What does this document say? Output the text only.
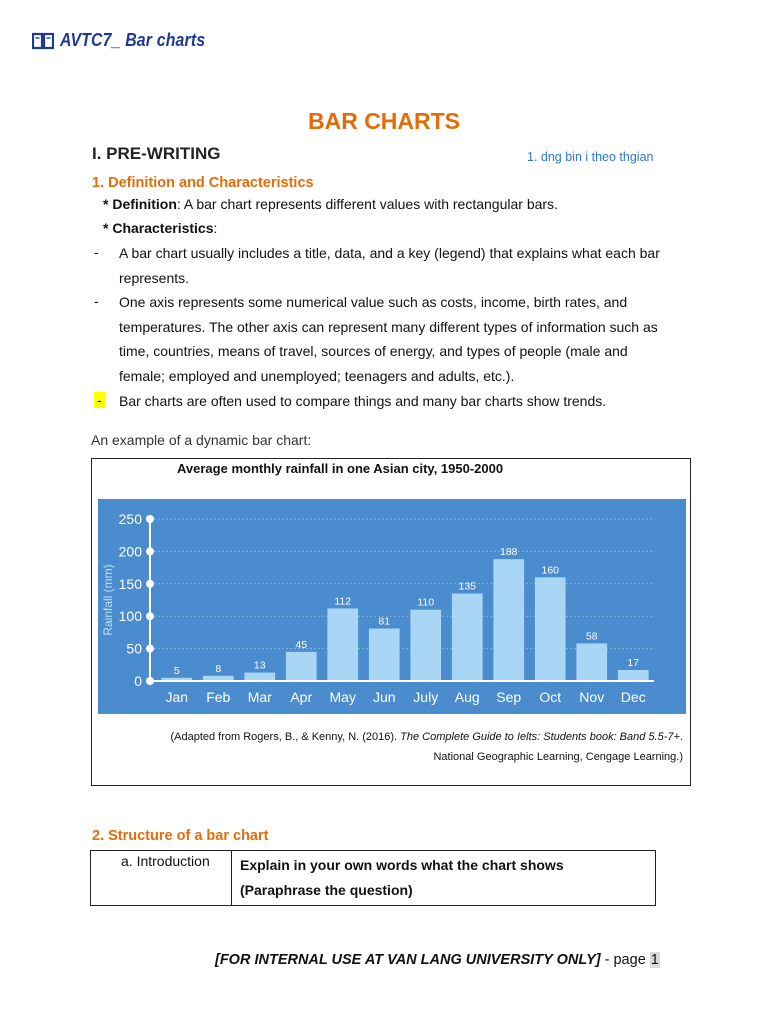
AVTC7_ Bar charts
BAR CHARTS
I. PRE-WRITING	1. dng bin i theo thgian
1. Definition and Characteristics
* Definition: A bar chart represents different values with rectangular bars.
* Characteristics:
- A bar chart usually includes a title, data, and a key (legend) that explains what each bar represents.
- One axis represents some numerical value such as costs, income, birth rates, and temperatures. The other axis can represent many different types of information such as time, countries, means of travel, sources of energy, and types of people (male and female; employed and unemployed; teenagers and adults, etc.).
- Bar charts are often used to compare things and many bar charts show trends.
An example of a dynamic bar chart:
Average monthly rainfall in one Asian city, 1950-2000
0
50
100
150
200
250
Rainfall (mm)
5
Jan
8
Feb
13
Mar
45
Apr
112
May
81
Jun
110
July
135
Aug
188
Sep
160
Oct
58
Nov
17
Dec
(Adapted from Rogers, B., & Kenny, N. (2016). The Complete Guide to Ielts: Students book: Band 5.5-7+.
National Geographic Learning, Cengage Learning.)
2. Structure of a bar chart
a. Introduction	Explain in your own words what the chart shows
(Paraphrase the question)
[FOR INTERNAL USE AT VAN LANG UNIVERSITY ONLY] - page 1
